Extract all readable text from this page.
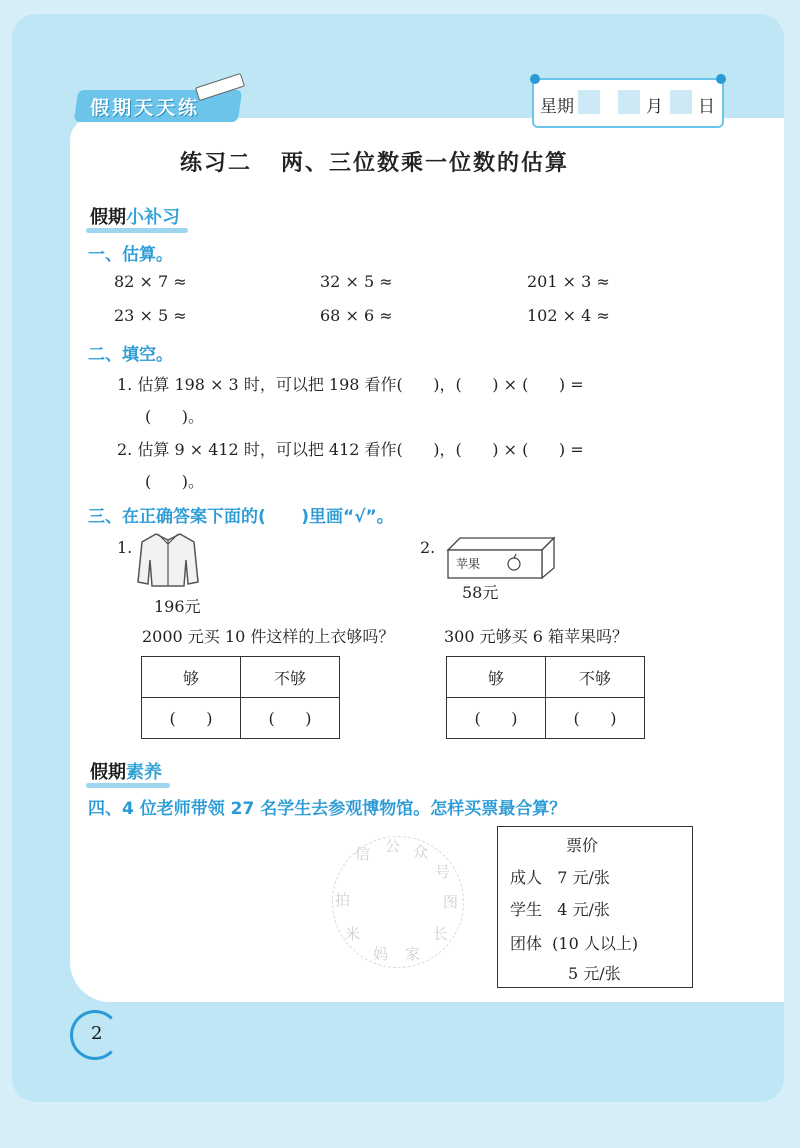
假期天天练	星期	月 日
练习二   两、三位数乘一位数的估算
假期小补习
一、估算。
82 × 7 ≈	32 × 5 ≈	201 × 3 ≈
23 × 5 ≈	68 × 6 ≈	102 × 4 ≈
二、填空。
1. 估算 198 × 3 时，可以把 198 看作(      )，(      ) × (      ) =
(      )。
2. 估算 9 × 412 时，可以把 412 看作(      )，(      ) × (      ) =
(      )。
三、在正确答案下面的(      )里画“√”。
1.
196元
2000 元买 10 件这样的上衣够吗？
够	不够
(      )	(      )
2.
苹果
58元
300 元够买 6 箱苹果吗？
够	不够
(      )	(      )
假期素养
四、4 位老师带领 27 名学生去参观博物馆。怎样买票最合算？
票价
成人   7 元/张
学生   4 元/张
团体  (10 人以上)
5 元/张
信 公 众
号
图
长
家
妈
米
拍
2
